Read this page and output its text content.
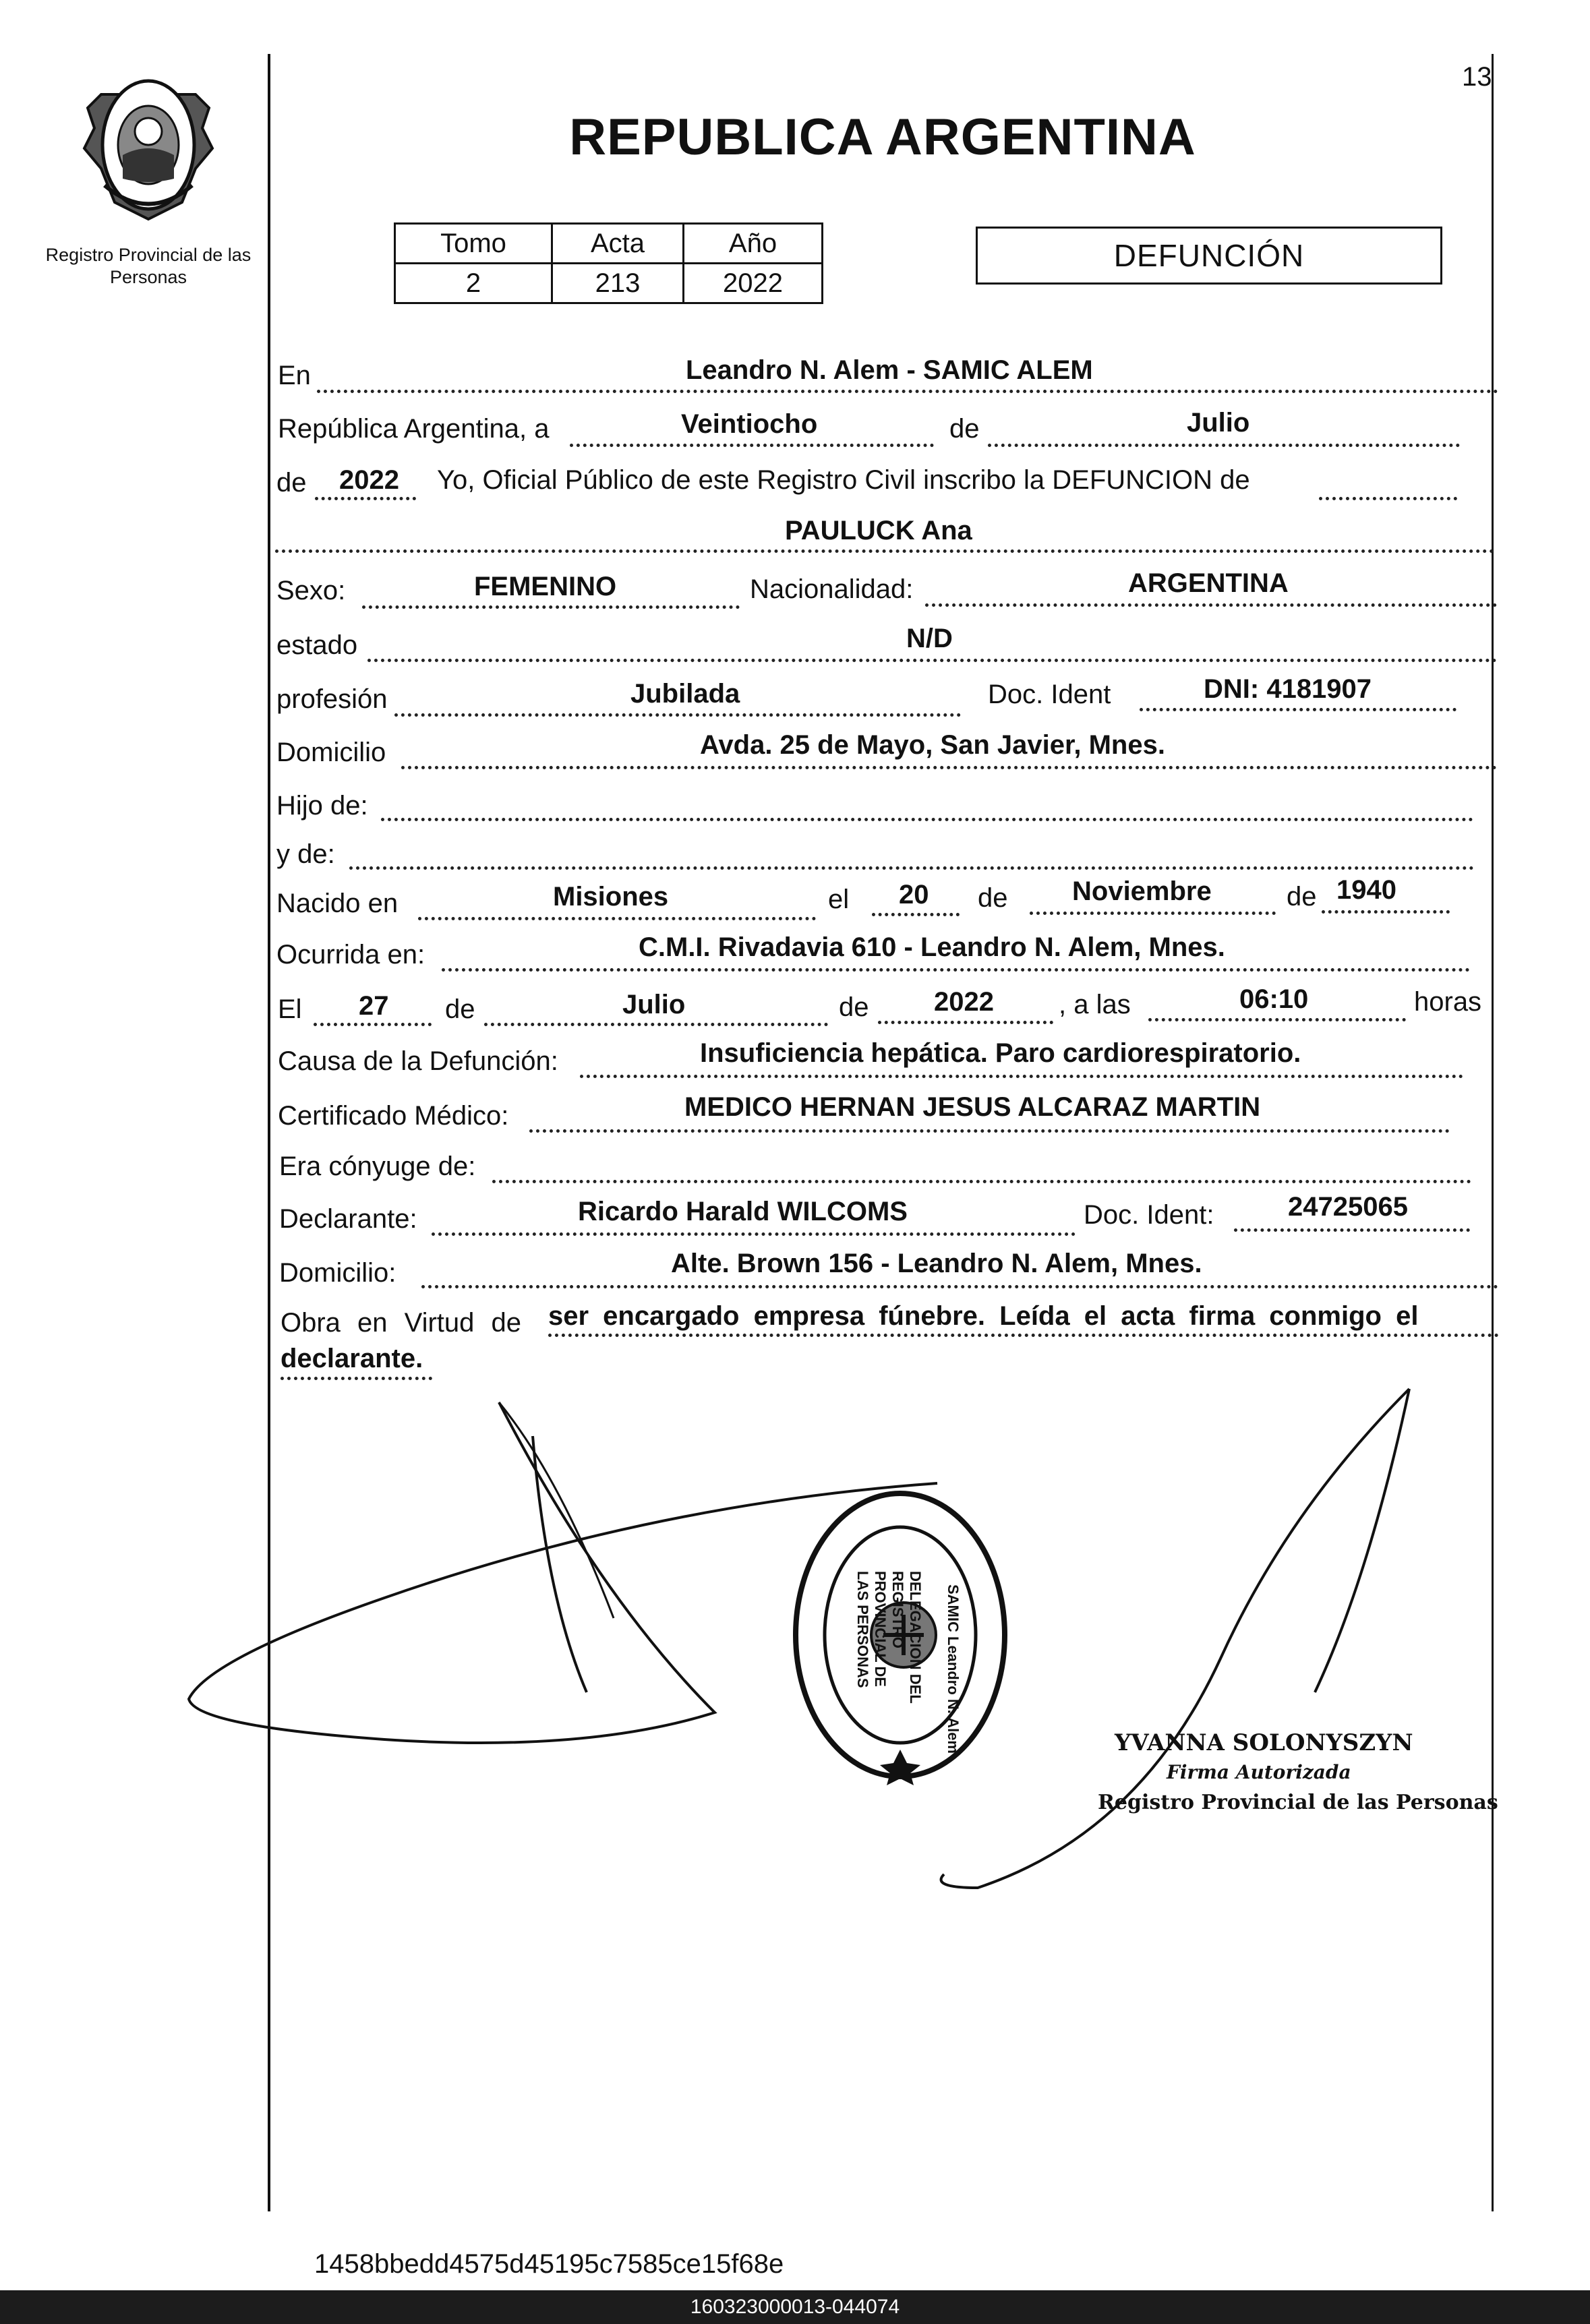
13
Registro Provincial de las Personas
REPUBLICA ARGENTINA
Tomo	Acta	Año
2	213	2022
DEFUNCIÓN
En	Leandro N. Alem - SAMIC ALEM
República Argentina, a	Veintiocho	de	Julio
de 2022 Yo, Oficial Público de este Registro Civil inscribo la DEFUNCION de
PAULUCK Ana
Sexo:	FEMENINO	Nacionalidad:	ARGENTINA
estado	N/D
profesión	Jubilada	Doc. Ident	DNI: 4181907
Domicilio	Avda. 25 de Mayo, San Javier, Mnes.
Hijo de:
y de:
Nacido en	Misiones	el 20 de Noviembre	de 1940
Ocurrida en:	C.M.I. Rivadavia 610 - Leandro N. Alem, Mnes.
El 27 de	Julio	de 2022 , a las	06:10	horas
Causa de la Defunción:	Insuficiencia hepática. Paro cardiorespiratorio.
Certificado Médico:	MEDICO HERNAN JESUS ALCARAZ MARTIN
Era cónyuge de:
Declarante:	Ricardo Harald WILCOMS	Doc. Ident:	24725065
Domicilio:	Alte. Brown 156 - Leandro N. Alem, Mnes.
Obra en Virtud de ser encargado empresa fúnebre. Leída el acta firma conmigo el
declarante.
DELEGACION DEL REGISTRO PROVINCIAL DE LAS PERSONAS	SAMIC Leandro N. Alem	YVANNA SOLONYSZYN
Firma Autorizada
Registro Provincial de las Personas
1458bbedd4575d45195c7585ce15f68e
160323000013-044074
